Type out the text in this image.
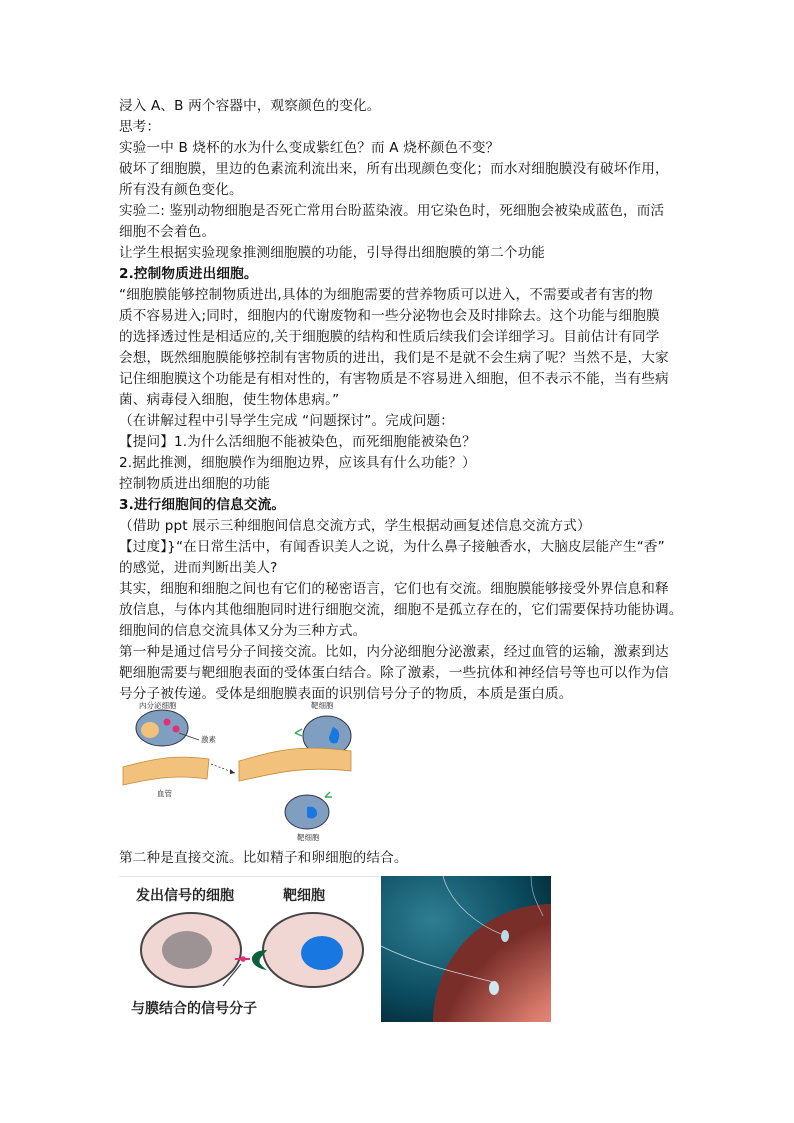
浸入 A、B 两个容器中，观察颜色的变化。
思考：
实验一中 B 烧杯的水为什么变成紫红色？而 A 烧杯颜色不变？
破坏了细胞膜，里边的色素流利流出来，所有出现颜色变化；而水对细胞膜没有破坏作用，
所有没有颜色变化。
实验二: 鉴别动物细胞是否死亡常用台盼蓝染液。用它染色时，死细胞会被染成蓝色，而活
细胞不会着色。
让学生根据实验现象推测细胞膜的功能，引导得出细胞膜的第二个功能
2.控制物质进出细胞。
“细胞膜能够控制物质进出,具体的为细胞需要的营养物质可以进入，不需要或者有害的物
质不容易进入;同时，细胞内的代谢废物和一些分泌物也会及时排除去。这个功能与细胞膜
的选择透过性是相适应的,关于细胞膜的结构和性质后续我们会详细学习。目前估计有同学
会想，既然细胞膜能够控制有害物质的进出，我们是不是就不会生病了呢？当然不是，大家
记住细胞膜这个功能是有相对性的，有害物质是不容易进入细胞，但不表示不能，当有些病
菌、病毒侵入细胞，使生物体患病。”
（在讲解过程中引导学生完成 “问题探讨”。完成问题：
【提问】1.为什么活细胞不能被染色，而死细胞能被染色？
2.据此推测，细胞膜作为细胞边界，应该具有什么功能？）
控制物质进出细胞的功能
3.进行细胞间的信息交流。
（借助 ppt 展示三种细胞间信息交流方式，学生根据动画复述信息交流方式）
【过度】}“在日常生活中，有闻香识美人之说，为什么鼻子接触香水，大脑皮层能产生“香”
的感觉，进而判断出美人?
其实，细胞和细胞之间也有它们的秘密语言，它们也有交流。细胞膜能够接受外界信息和释
放信息，与体内其他细胞同时进行细胞交流，细胞不是孤立存在的，它们需要保持功能协调。
细胞间的信息交流具体又分为三种方式。
第一种是通过信号分子间接交流。比如，内分泌细胞分泌激素，经过血管的运输，激素到达
靶细胞需要与靶细胞表面的受体蛋白结合。除了激素，一些抗体和神经信号等也可以作为信
号分子被传递。受体是细胞膜表面的识别信号分子的物质，本质是蛋白质。
内分泌细胞
激素
靶细胞
血管
靶细胞
第二种是直接交流。比如精子和卵细胞的结合。
发出信号的细胞	靶细胞
与膜结合的信号分子
